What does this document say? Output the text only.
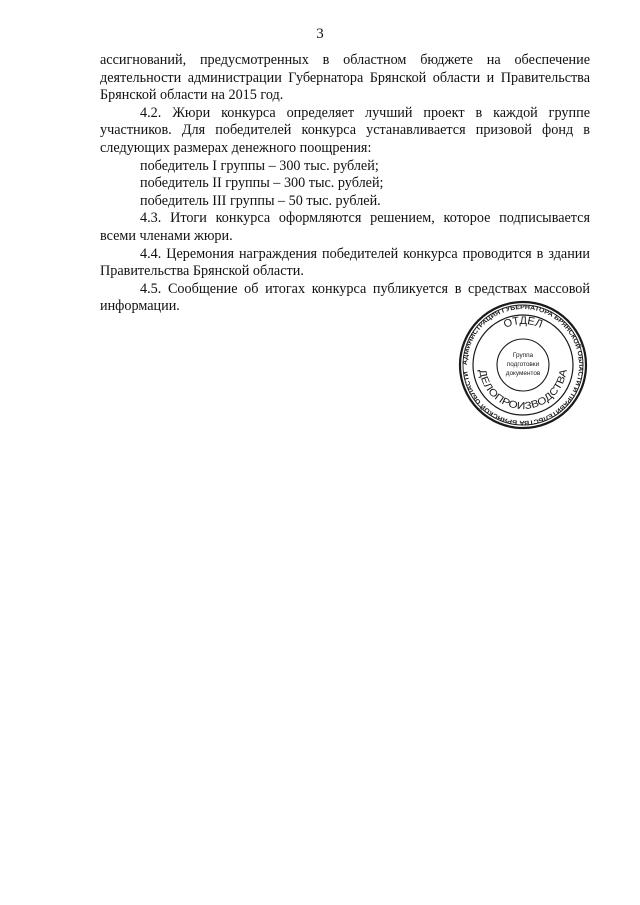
3

ассигнований, предусмотренных в областном бюджете на обеспечение деятельности администрации Губернатора Брянской области и Правительства Брянской области на 2015 год.

4.2. Жюри конкурса определяет лучший проект в каждой группе участников. Для победителей конкурса устанавливается призовой фонд в следующих размерах денежного поощрения:

победитель I группы – 300 тыс. рублей;

победитель II группы – 300 тыс. рублей;

победитель III группы – 50 тыс. рублей.

4.3. Итоги конкурса оформляются решением, которое подписывается всеми членами жюри.

4.4. Церемония награждения победителей конкурса проводится в здании Правительства Брянской области.

4.5. Сообщение об итогах конкурса публикуется в средствах массовой информации.

АДМИНИСТРАЦИЯ ГУБЕРНАТОРА БРЯНСКОЙ ОБЛАСТИ И ПРАВИТЕЛЬСТВА БРЯНСКОЙ ОБЛАСТИ
ОТДЕЛ
ДЕЛОПРОИЗВОДСТВА
Группа
подготовки
документов
